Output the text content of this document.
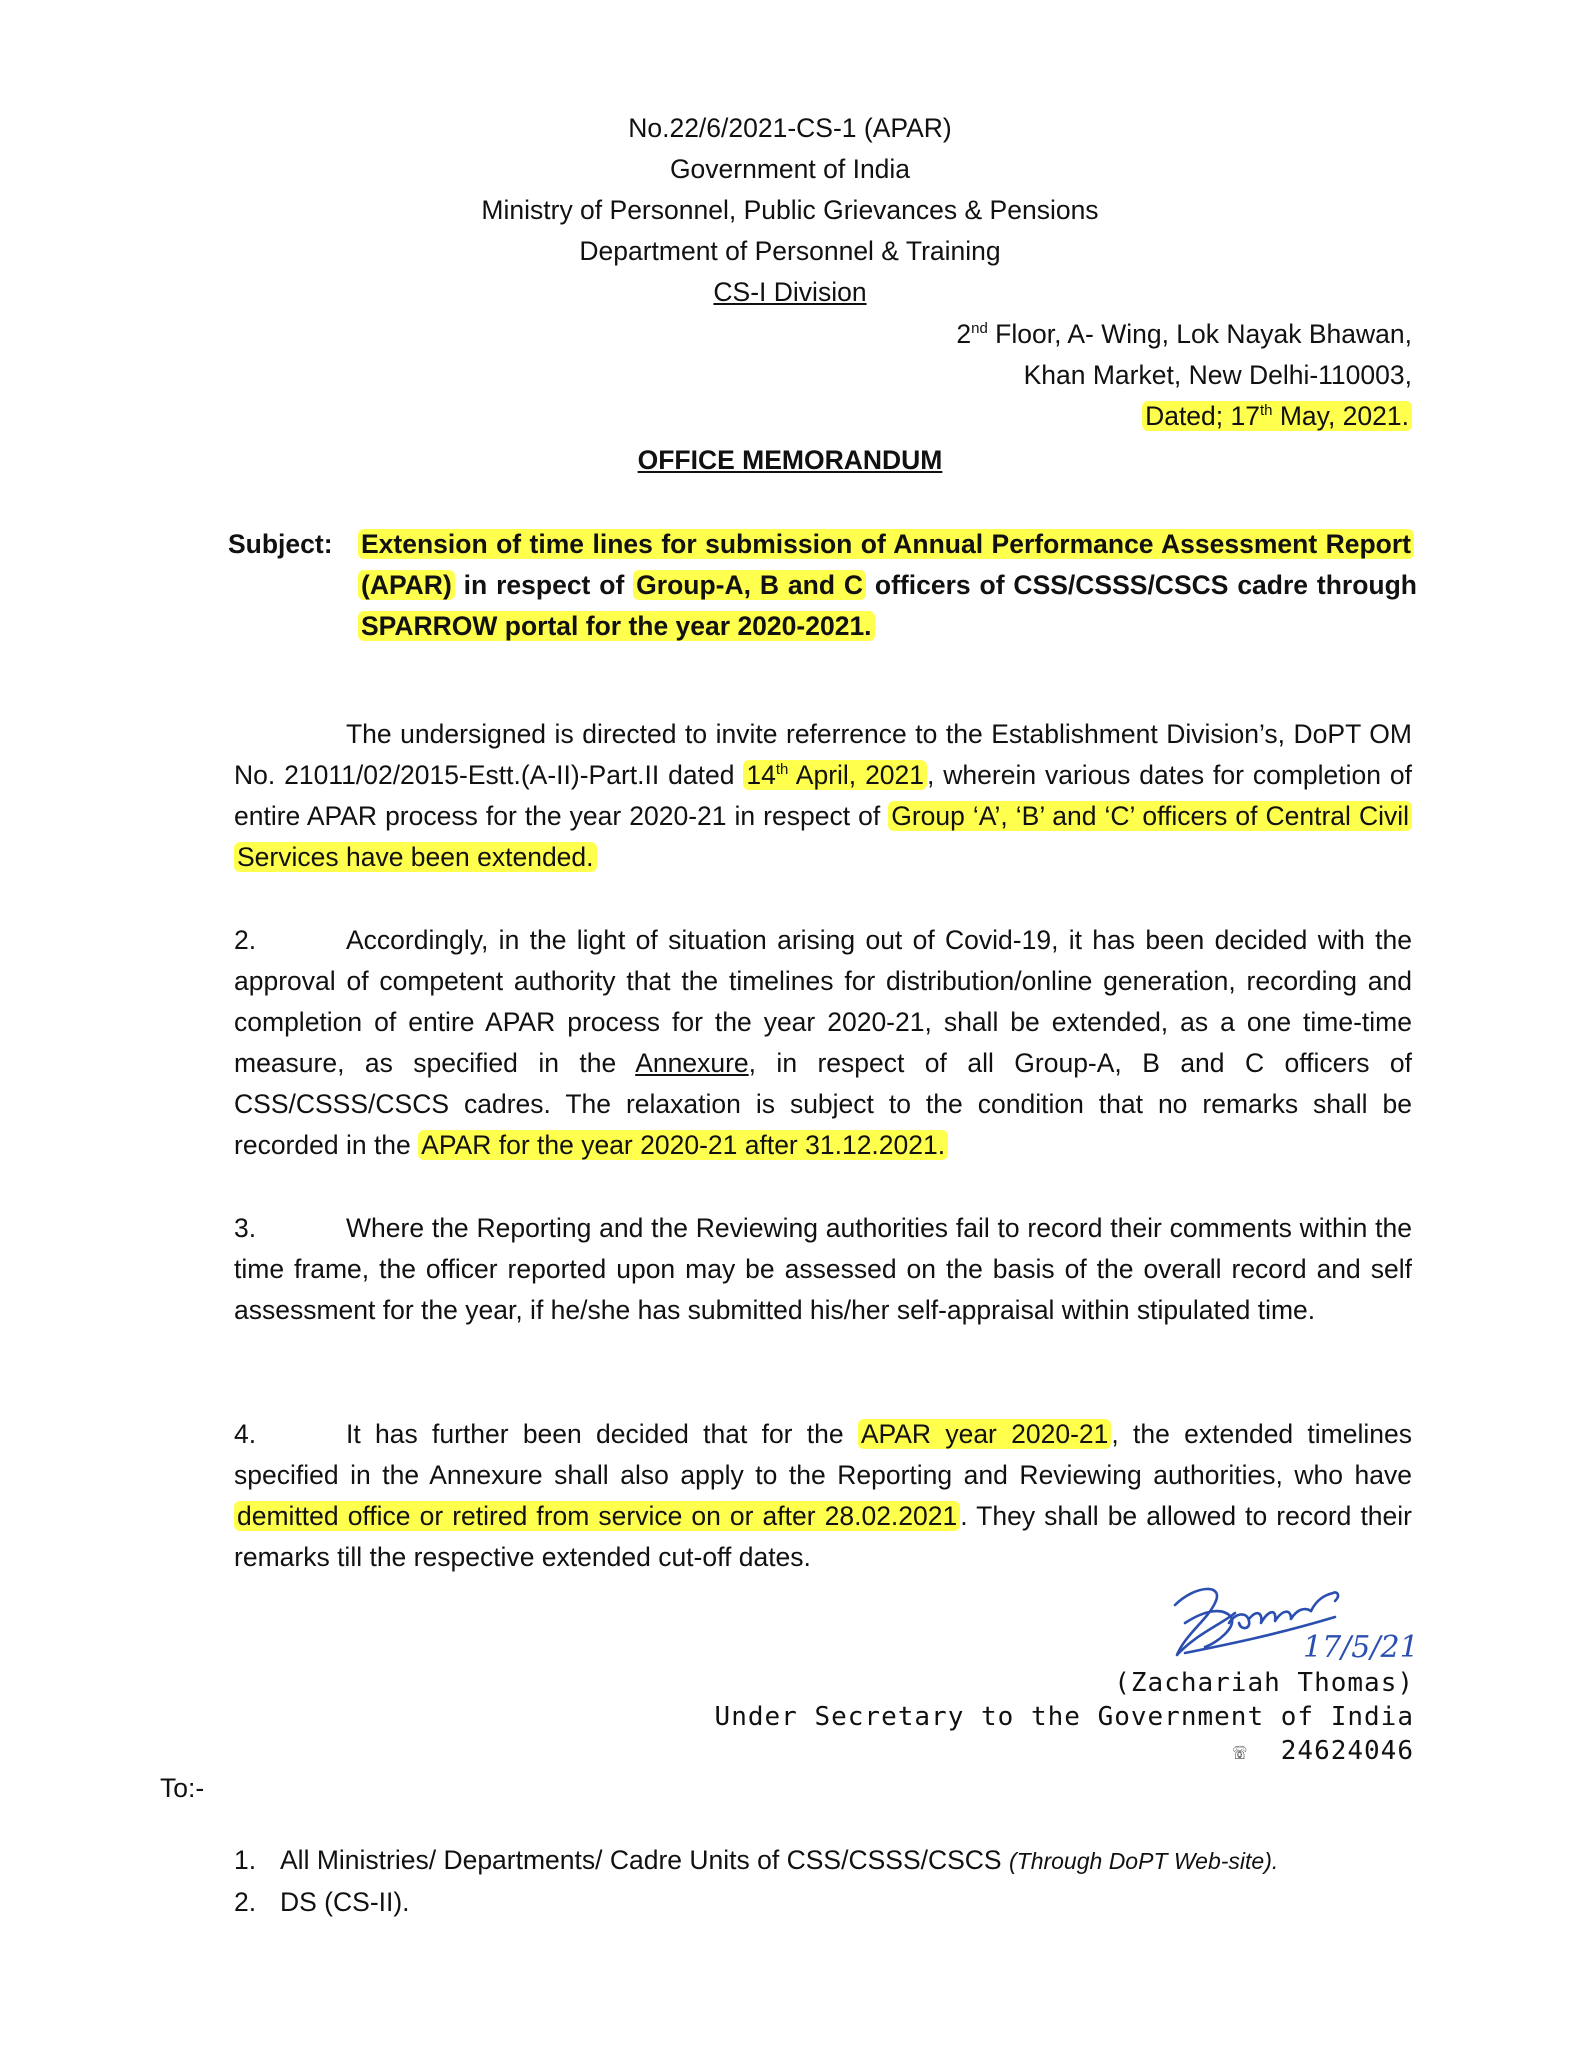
No.22/6/2021-CS-1 (APAR)
Government of India
Ministry of Personnel, Public Grievances & Pensions
Department of Personnel & Training
CS-I Division
2nd Floor, A- Wing, Lok Nayak Bhawan,
Khan Market, New Delhi-110003,
Dated; 17th May, 2021.
OFFICE MEMORANDUM
Subject: Extension of time lines for submission of Annual Performance Assessment Report (APAR) in respect of Group-A, B and C officers of CSS/CSSS/CSCS cadre through SPARROW portal for the year 2020-2021.
The undersigned is directed to invite referrence to the Establishment Division’s, DoPT OM No. 21011/02/2015-Estt.(A-II)-Part.II dated 14th April, 2021 , wherein various dates for completion of entire APAR process for the year 2020-21 in respect of Group ‘A’, ‘B’ and ‘C’ officers of Central Civil Services have been extended.
2.	Accordingly, in the light of situation arising out of Covid-19, it has been decided with the approval of competent authority that the timelines for distribution/online generation, recording and completion of entire APAR process for the year 2020-21, shall be extended, as a one time-time measure, as specified in the Annexure, in respect of all Group-A, B and C officers of CSS/CSSS/CSCS cadres. The relaxation is subject to the condition that no remarks shall be recorded in the APAR for the year 2020-21 after 31.12.2021.
3.	Where the Reporting and the Reviewing authorities fail to record their comments within the time frame, the officer reported upon may be assessed on the basis of the overall record and self assessment for the year, if he/she has submitted his/her self-appraisal within stipulated time.
4.	It has further been decided that for the APAR year 2020-21 , the extended timelines specified in the Annexure shall also apply to the Reporting and Reviewing authorities, who have demitted office or retired from service on or after 28.02.2021 . They shall be allowed to record their remarks till the respective extended cut-off dates.
17/5/21
(Zachariah Thomas)
Under Secretary to the Government of India
☏ 24624046
To:-
1. All Ministries/ Departments/ Cadre Units of CSS/CSSS/CSCS (Through DoPT Web-site).
2. DS (CS-II).
